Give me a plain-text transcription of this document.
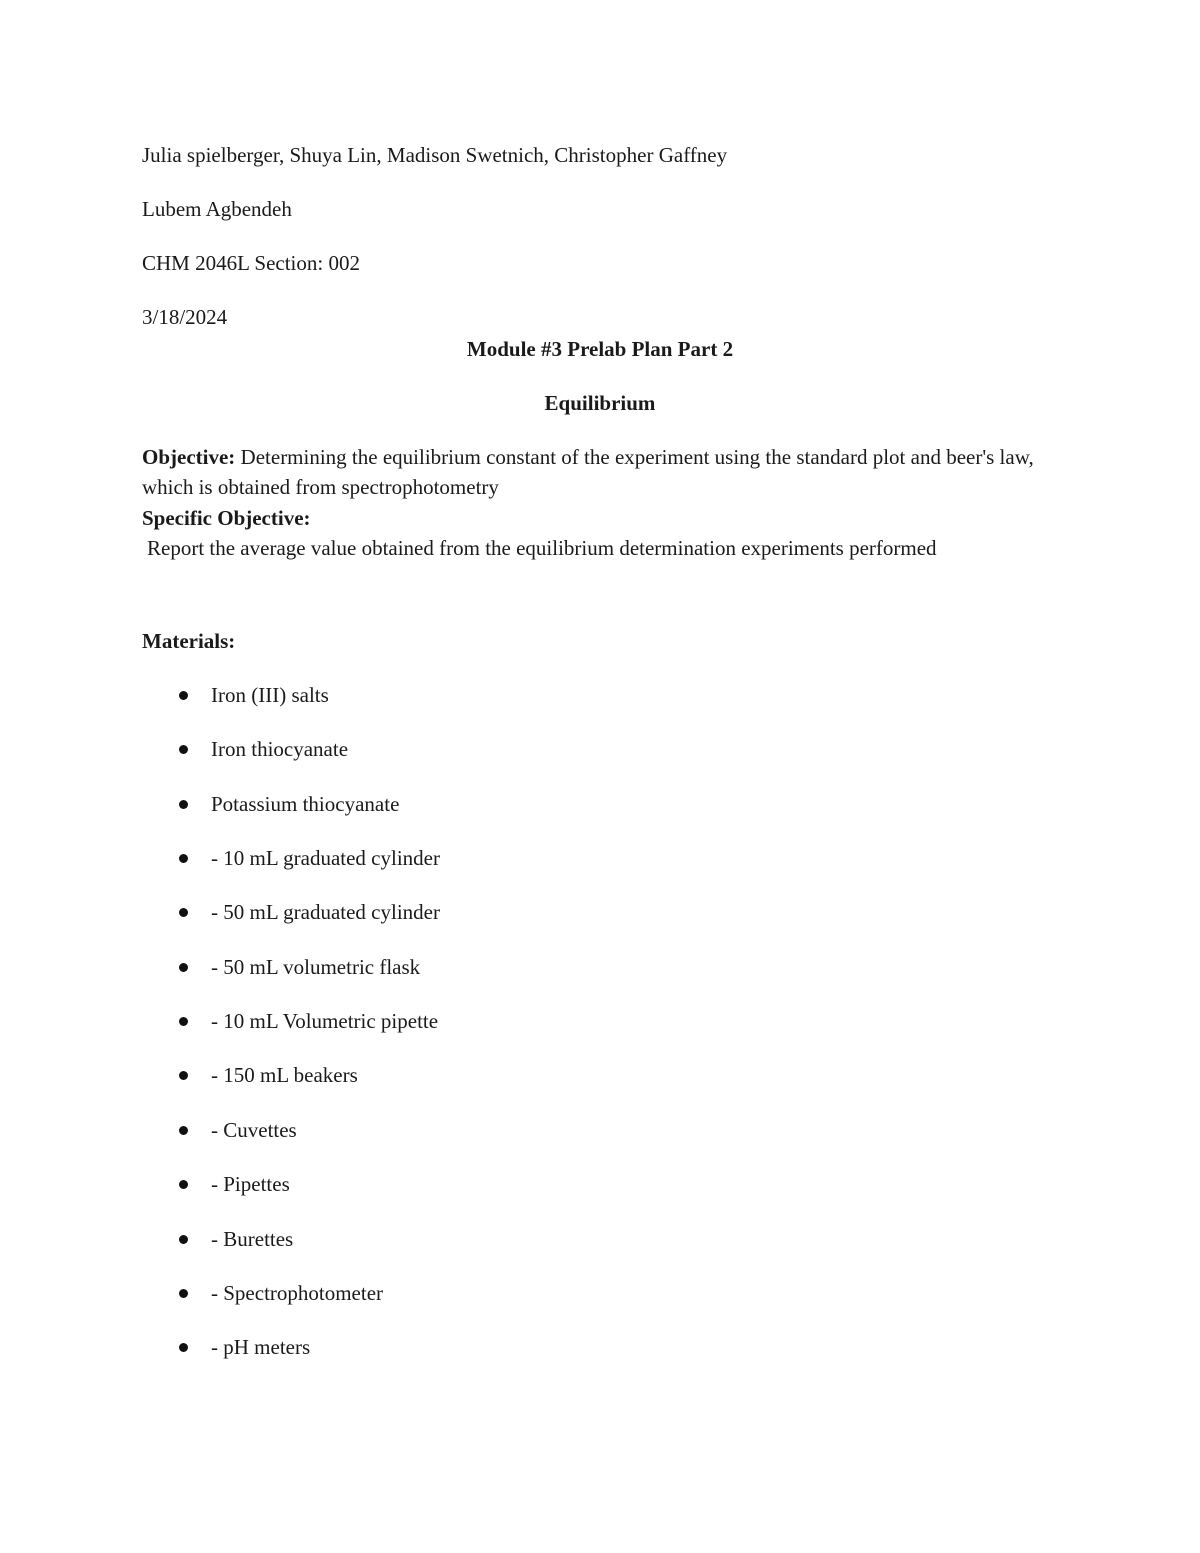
Julia spielberger, Shuya Lin, Madison Swetnich, Christopher Gaffney

Lubem Agbendeh

CHM 2046L Section: 002

3/18/2024

Module #3 Prelab Plan Part 2

Equilibrium

Objective: Determining the equilibrium constant of the experiment using the standard plot and beer's law, which is obtained from spectrophotometry

Specific Objective:

Report the average value obtained from the equilibrium determination experiments performed

Materials:

Iron (III) salts
Iron thiocyanate
Potassium thiocyanate
- 10 mL graduated cylinder
- 50 mL graduated cylinder
- 50 mL volumetric flask
- 10 mL Volumetric pipette
- 150 mL beakers
- Cuvettes
- Pipettes
- Burettes
- Spectrophotometer
- pH meters
